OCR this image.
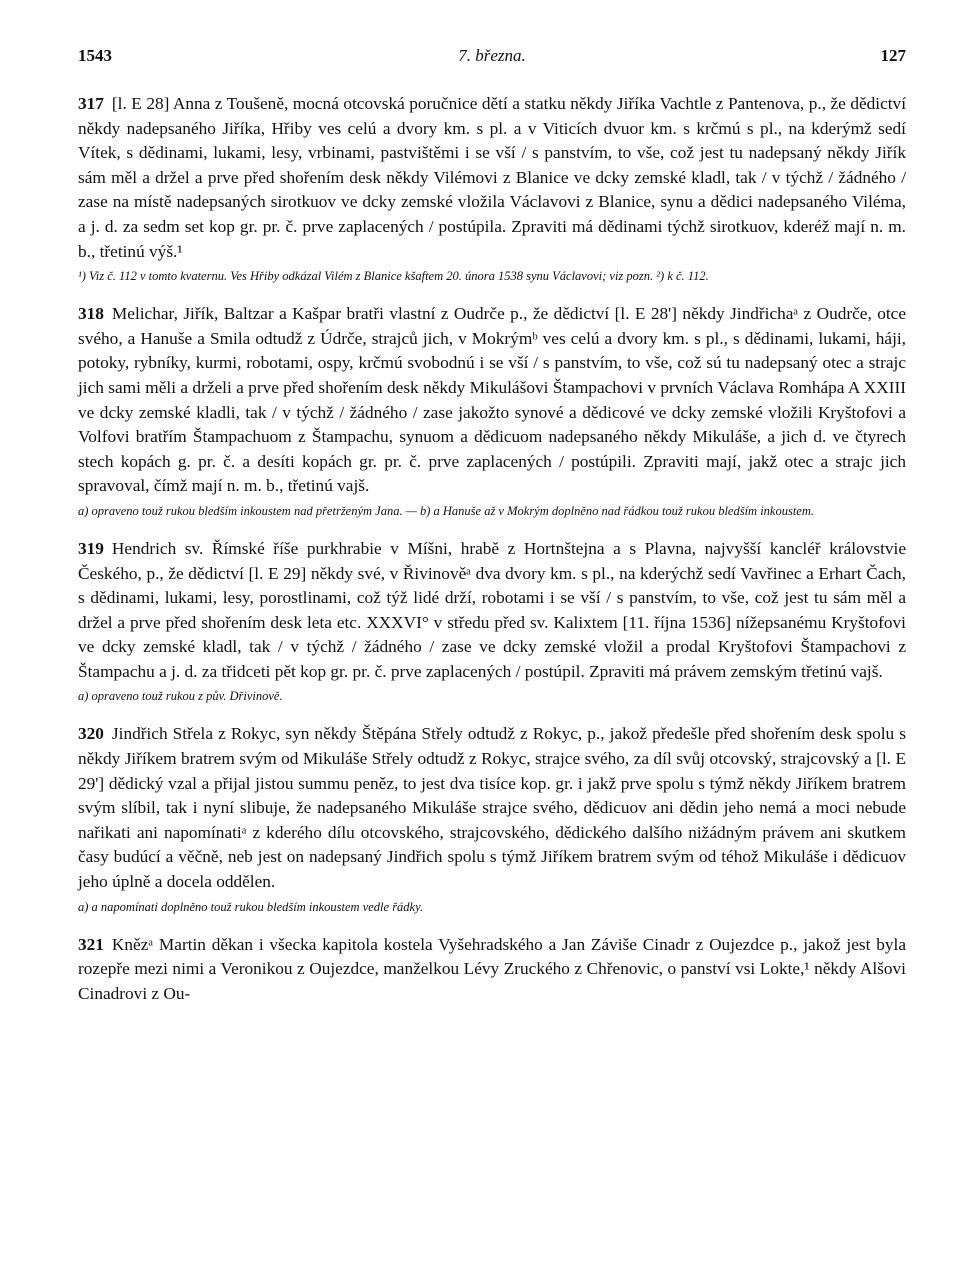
1543	7. března.	127

317 [l. E 28] Anna z Toušeně, mocná otcovská poručnice dětí a statku někdy Jiříka Vachtle z Pantenova, p., že dědictví někdy nadepsaného Jiříka, Hřiby ves celú a dvory km. s pl. a v Viticích dvuor km. s krčmú s pl., na kderýmž sedí Vítek, s dědinami, lukami, lesy, vrbinami, pastvištěmi i se vší / s panstvím, to vše, což jest tu nadepsaný někdy Jiřík sám měl a držel a prve před shořením desk někdy Vilémovi z Blanice ve dcky zemské kladl, tak / v týchž / žádného / zase na místě nadepsaných sirotkuov ve dcky zemské vložila Václavovi z Blanice, synu a dědici nadepsaného Viléma, a j. d. za sedm set kop gr. pr. č. prve zaplacených / postúpila. Zpraviti má dědinami týchž sirotkuov, kderéž mají n. m. b., třetinú výš.¹

¹) Viz č. 112 v tomto kvaternu. Ves Hřiby odkázal Vilém z Blanice kšaftem 20. února 1538 synu Václavovi; viz pozn. ²) k č. 112.

318 Melichar, Jiřík, Baltzar a Kašpar bratři vlastní z Oudrče p., že dědictví [l. E 28'] někdy Jindřichaᵃ z Oudrče, otce svého, a Hanuše a Smila odtudž z Údrče, strajců jich, v Mokrýmᵇ ves celú a dvory km. s pl., s dědinami, lukami, háji, potoky, rybníky, kurmi, robotami, ospy, krčmú svobodnú i se vší / s panstvím, to vše, což sú tu nadepsaný otec a strajc jich sami měli a drželi a prve před shořením desk někdy Mikulášovi Štampachovi v prvních Václava Romhápa A XXIII ve dcky zemské kladli, tak / v týchž / žádného / zase jakožto synové a dědicové ve dcky zemské vložili Kryštofovi a Volfovi bratřím Štampachuom z Štampachu, synuom a dědicuom nadepsaného někdy Mikuláše, a jich d. ve čtyrech stech kopách g. pr. č. a desíti kopách gr. pr. č. prve zaplacených / postúpili. Zpraviti mají, jakž otec a strajc jich spravoval, čímž mají n. m. b., třetinú vajš.

a) opraveno touž rukou bledším inkoustem nad přetrženým Jana. — b) a Hanuše až v Mokrým doplněno nad řádkou touž rukou bledším inkoustem.

319 Hendrich sv. Římské říše purkhrabie v Míšni, hrabě z Hortnštejna a s Plavna, najvyšší kancléř královstvie Českého, p., že dědictví [l. E 29] někdy své, v Řivinověᵃ dva dvory km. s pl., na kderýchž sedí Vavřinec a Erhart Čach, s dědinami, lukami, lesy, porostlinami, což týž lidé drží, robotami i se vší / s panstvím, to vše, což jest tu sám měl a držel a prve před shořením desk leta etc. XXXVI° v středu před sv. Kalixtem [11. října 1536] nížepsanému Kryštofovi ve dcky zemské kladl, tak / v týchž / žádného / zase ve dcky zemské vložil a prodal Kryštofovi Štampachovi z Štampachu a j. d. za třidceti pět kop gr. pr. č. prve zaplacených / postúpil. Zpraviti má právem zemským třetinú vajš.

a) opraveno touž rukou z pův. Dřivinově.

320 Jindřich Střela z Rokyc, syn někdy Štěpána Střely odtudž z Rokyc, p., jakož předešle před shořením desk spolu s někdy Jiříkem bratrem svým od Mikuláše Střely odtudž z Rokyc, strajce svého, za díl svůj otcovský, strajcovský a [l. E 29'] dědický vzal a přijal jistou summu peněz, to jest dva tisíce kop. gr. i jakž prve spolu s týmž někdy Jiříkem bratrem svým slíbil, tak i nyní slibuje, že nadepsaného Mikuláše strajce svého, dědicuov ani dědin jeho nemá a moci nebude nařikati ani napomínatiᵃ z kderého dílu otcovského, strajcovského, dědického dalšího nižádným právem ani skutkem časy budúcí a věčně, neb jest on nadepsaný Jindřich spolu s týmž Jiříkem bratrem svým od téhož Mikuláše i dědicuov jeho úplně a docela oddělen.

a) a napomínati doplněno touž rukou bledším inkoustem vedle řádky.

321 Knězᵃ Martin děkan i všecka kapitola kostela Vyšehradského a Jan Záviše Cinadr z Oujezdce p., jakož jest byla rozepře mezi nimi a Veronikou z Oujezdce, manželkou Lévy Zruckého z Chřenovic, o panství vsi Lokte,¹ někdy Alšovi Cinadrovi z Ou-
